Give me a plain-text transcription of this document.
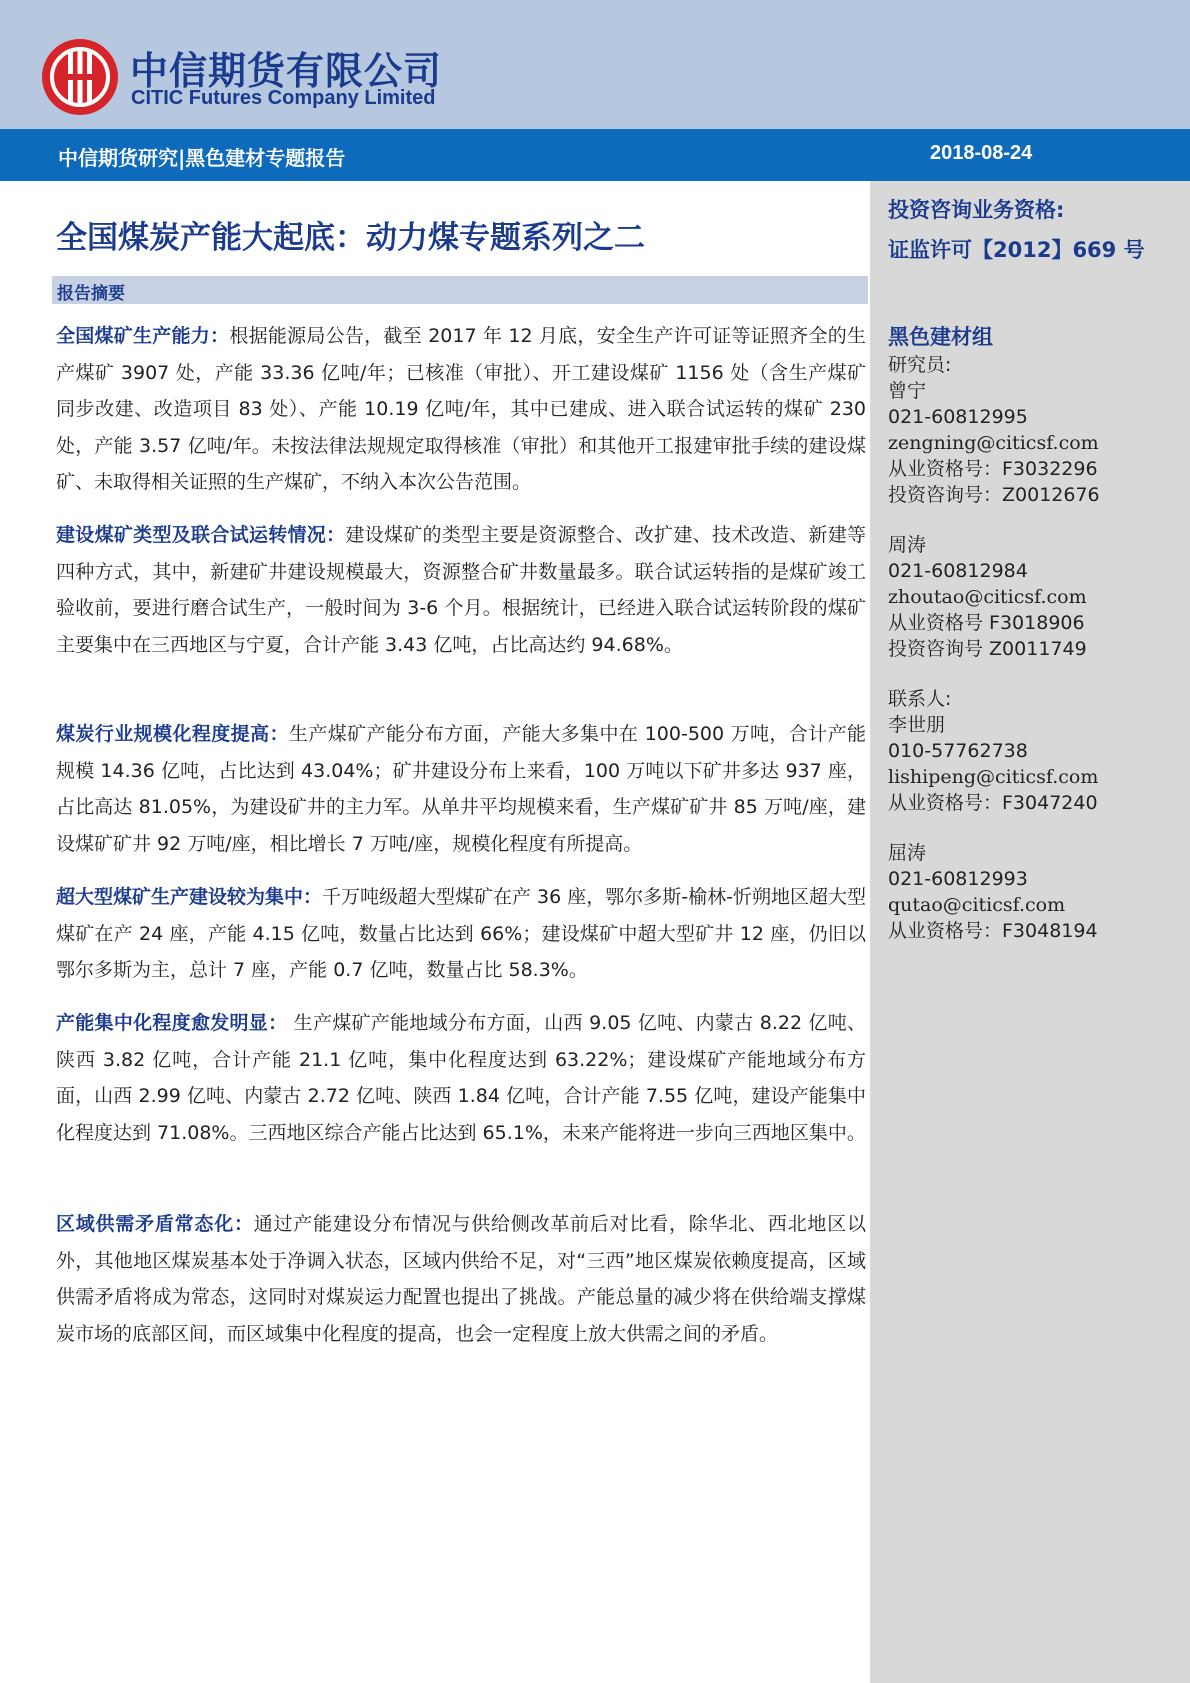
中信期货有限公司
CITIC Futures Company Limited
中信期货研究|黑色建材专题报告	2018-08-24
全国煤炭产能大起底：动力煤专题系列之二
报告摘要
全国煤矿生产能力：根据能源局公告，截至 2017 年 12 月底，安全生产许可证等证照齐全的生产煤矿 3907 处，产能 33.36 亿吨/年；已核准（审批）、开工建设煤矿 1156 处（含生产煤矿同步改建、改造项目 83 处）、产能 10.19 亿吨/年，其中已建成、进入联合试运转的煤矿 230 处，产能 3.57 亿吨/年。未按法律法规规定取得核准（审批）和其他开工报建审批手续的建设煤矿、未取得相关证照的生产煤矿，不纳入本次公告范围。
建设煤矿类型及联合试运转情况：建设煤矿的类型主要是资源整合、改扩建、技术改造、新建等四种方式，其中，新建矿井建设规模最大，资源整合矿井数量最多。联合试运转指的是煤矿竣工验收前，要进行磨合试生产，一般时间为 3-6 个月。根据统计，已经进入联合试运转阶段的煤矿主要集中在三西地区与宁夏，合计产能 3.43 亿吨，占比高达约 94.68%。
煤炭行业规模化程度提高：生产煤矿产能分布方面，产能大多集中在 100-500 万吨，合计产能规模 14.36 亿吨，占比达到 43.04%；矿井建设分布上来看，100 万吨以下矿井多达 937 座，占比高达 81.05%，为建设矿井的主力军。从单井平均规模来看，生产煤矿矿井 85 万吨/座，建设煤矿矿井 92 万吨/座，相比增长 7 万吨/座，规模化程度有所提高。
超大型煤矿生产建设较为集中：千万吨级超大型煤矿在产 36 座，鄂尔多斯-榆林-忻朔地区超大型煤矿在产 24 座，产能 4.15 亿吨，数量占比达到 66%；建设煤矿中超大型矿井 12 座，仍旧以鄂尔多斯为主，总计 7 座，产能 0.7 亿吨，数量占比 58.3%。
产能集中化程度愈发明显： 生产煤矿产能地域分布方面，山西 9.05 亿吨、内蒙古 8.22 亿吨、陕西 3.82 亿吨，合计产能 21.1 亿吨，集中化程度达到 63.22%；建设煤矿产能地域分布方面，山西 2.99 亿吨、内蒙古 2.72 亿吨、陕西 1.84 亿吨，合计产能 7.55 亿吨，建设产能集中化程度达到 71.08%。三西地区综合产能占比达到 65.1%，未来产能将进一步向三西地区集中。
区域供需矛盾常态化：通过产能建设分布情况与供给侧改革前后对比看，除华北、西北地区以外，其他地区煤炭基本处于净调入状态，区域内供给不足，对“三西”地区煤炭依赖度提高，区域供需矛盾将成为常态，这同时对煤炭运力配置也提出了挑战。产能总量的减少将在供给端支撑煤炭市场的底部区间，而区域集中化程度的提高，也会一定程度上放大供需之间的矛盾。
投资咨询业务资格:
证监许可【2012】669 号
黑色建材组
研究员:
曾宁
021-60812995
zengning@citicsf.com
从业资格号：F3032296
投资咨询号：Z0012676
周涛
021-60812984
zhoutao@citicsf.com
从业资格号 F3018906
投资咨询号 Z0011749
联系人:
李世朋
010-57762738
lishipeng@citicsf.com
从业资格号：F3047240
屈涛
021-60812993
qutao@citicsf.com
从业资格号：F3048194
